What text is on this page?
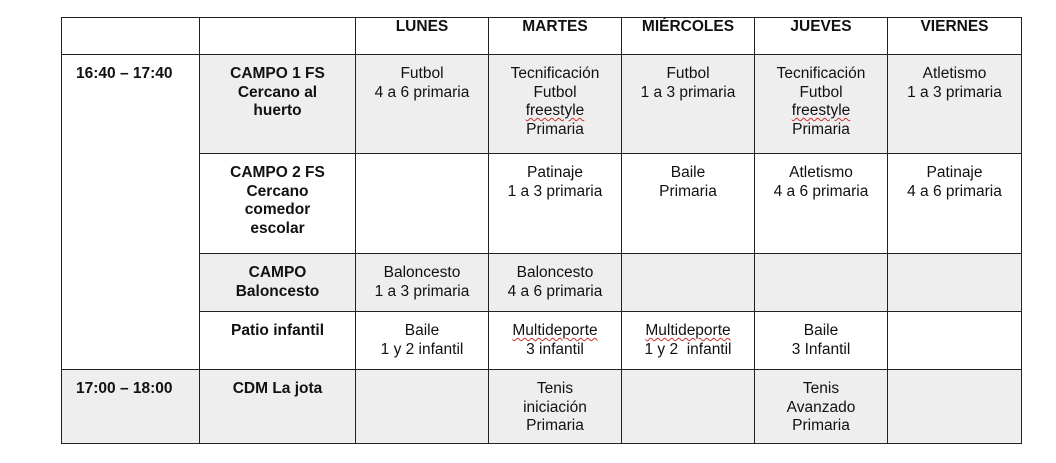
		LUNES	MARTES	MIÉRCOLES	JUEVES	VIERNES

16:40 – 17:40	CAMPO 1 FS
Cercano al
huerto	Futbol
4 a 6 primaria	Tecnificación
Futbol
freestyle
Primaria	Futbol
1 a 3 primaria	Tecnificación
Futbol
freestyle
Primaria	Atletismo
1 a 3 primaria

	CAMPO 2 FS
Cercano
comedor
escolar		Patinaje
1 a 3 primaria	Baile
Primaria	Atletismo
4 a 6 primaria	Patinaje
4 a 6 primaria

	CAMPO
Baloncesto	Baloncesto
1 a 3 primaria	Baloncesto
4 a 6 primaria			

	Patio infantil	Baile
1 y 2 infantil	Multideporte
3 infantil	Multideporte
1 y 2  infantil	Baile
3 Infantil	

17:00 – 18:00	CDM La jota		Tenis
iniciación
Primaria		Tenis
Avanzado
Primaria	
